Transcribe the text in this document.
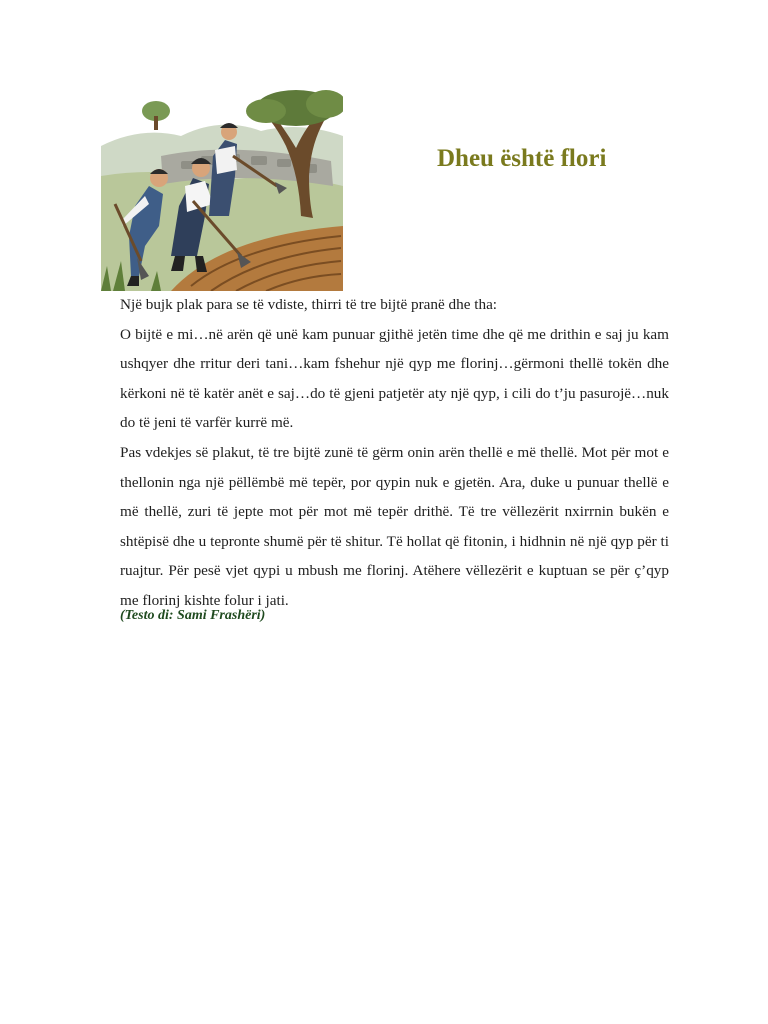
Dheu është flori

Një bujk plak para se të vdiste, thirri të tre bijtë pranë dhe tha:

O bijtë e mi…në arën që unë kam punuar gjithë jetën time dhe që me drithin e saj ju kam ushqyer dhe rritur deri tani…kam fshehur një qyp me florinj…gërmoni thellë tokën dhe kërkoni në të katër anët e saj…do të gjeni patjetër aty një qyp, i cili do t’ju pasurojë…nuk do të jeni të varfër kurrë më.

Pas vdekjes së plakut, të tre bijtë zunë të gërm onin arën thellë e më thellë. Mot për mot e thellonin nga një pëllëmbë më tepër, por qypin nuk e gjetën. Ara, duke u punuar thellë e më thellë, zuri të jepte mot për mot më tepër drithë. Të tre vëllezërit nxirrnin bukën e shtëpisë dhe u tepronte shumë për të shitur. Të hollat që fitonin, i hidhnin në një qyp për ti ruajtur. Për pesë vjet qypi u mbush me florinj. Atëhere vëllezërit e kuptuan se për ç’qyp me florinj kishte folur i jati.

(Testo di: Sami Frashëri)
